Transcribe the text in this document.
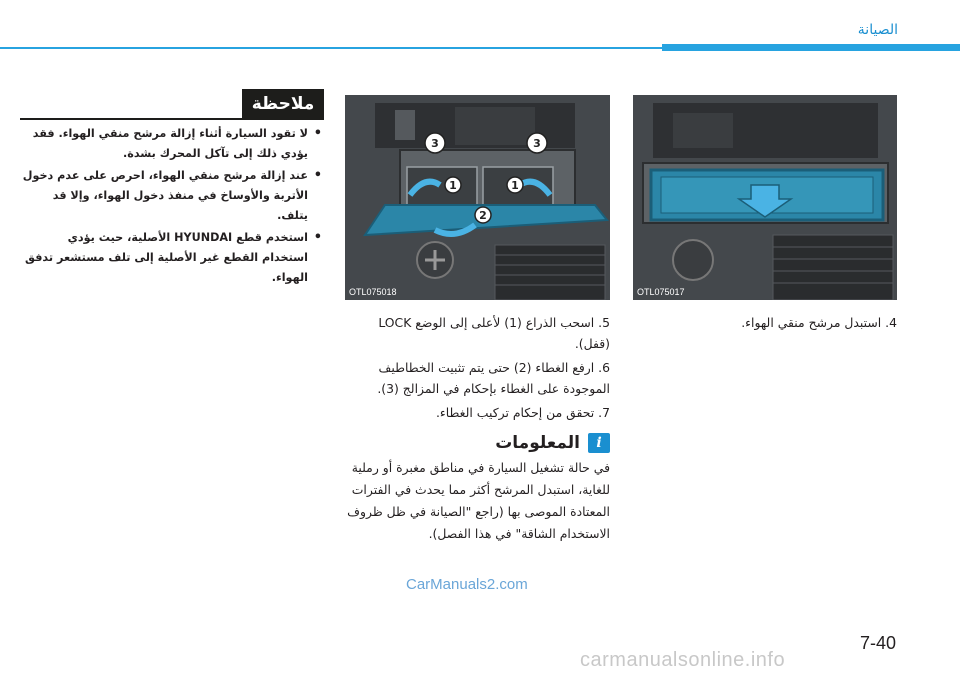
الصيانة
ملاحظة
• لا تقود السيارة أثناء إزالة مرشح منقي الهواء. فقد يؤدي ذلك إلى تآكل المحرك بشدة.
• عند إزالة مرشح منقي الهواء، احرص على عدم دخول الأتربة والأوساخ في منفذ دخول الهواء، وإلا قد يتلف.
• استخدم قطع HYUNDAI الأصلية، حيث يؤدي استخدام القطع غير الأصلية إلى تلف مستشعر تدفق الهواء.
3	3
1	1
2
OTL075018	OTL075017

4. استبدل مرشح منقي الهواء.

5. اسحب الذراع (1) لأعلى إلى الوضع LOCK (قفل).

6. ارفع الغطاء (2) حتى يتم تثبيت الخطاطيف الموجودة على الغطاء بإحكام في المزالج (3).

7. تحقق من إحكام تركيب الغطاء.

i
المعلومات
في حالة تشغيل السيارة في مناطق مغبرة أو رملية للغاية، استبدل المرشح أكثر مما يحدث في الفترات المعتادة الموصى بها (راجع "الصيانة في ظل ظروف الاستخدام الشاقة" في هذا الفصل).
CarManuals2.com
7-40
carmanualsonline.info
